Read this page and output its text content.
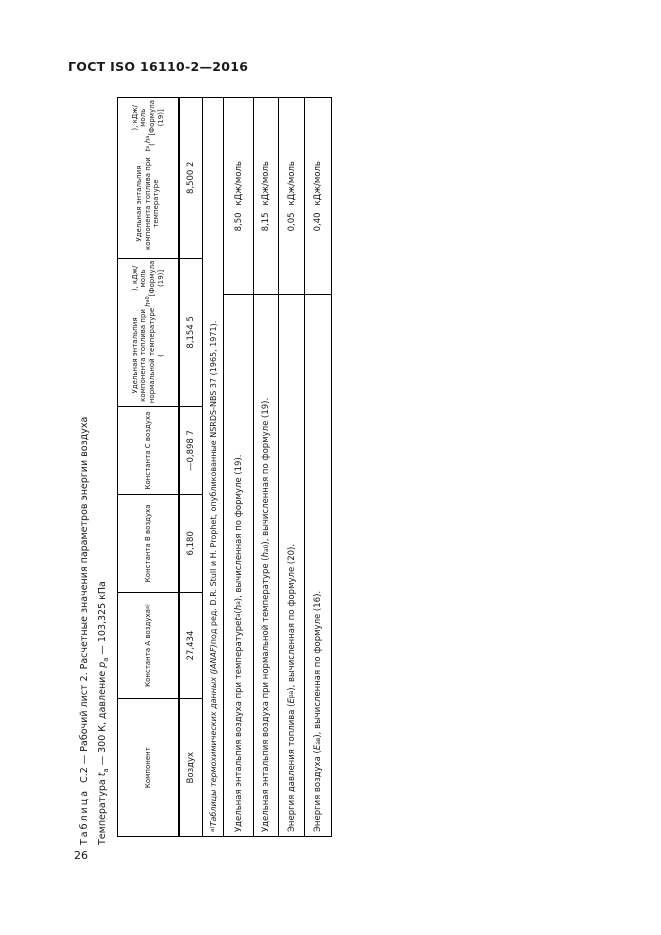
ГОСТ ISO 16110-2—2016
Таблица  С.2 — Рабочий лист 2. Расчетные значения параметров энергии воздуха
Температура $t_а$ — 300 К, давление $p_а$ — 103,325 кПа
Компонент
Константа А воздуха
а)
Константа В воздуха
Константа С воздуха
Удельная энтальпия компонента топлива при нормальной температуре (
h
а0
), кДж/моль
[Формула (19)]
Удельная энтальпия компонента топлива при температуре
t
а

(
h
а
), кДж/моль
[Формула (19)]
Воздух
27,434
6,180
—0,898 7
8,154 5
8,500 2
а)
Таблицы термохимических данных (JANAF)
под ред. D.R. Stull и H. Prophet, опубликованные NSRDS-NBS 37 (1965, 1971).
Удельная энтальпия воздуха при температуре
t
а
(
h
а
), вычисленная по формуле (19).
8,50
кДж/моль
Удельная энтальпия воздуха при нормальной температуре (
h
а0
), вычисленная по формуле (19).
8,15
кДж/моль
Энергия давления топлива (
E
pa
), вычисленная по формуле (20).
0,05
кДж/моль
Энергия воздуха (
E
ав
), вычисленная по формуле (16).
0,40
кДж/моль
26
